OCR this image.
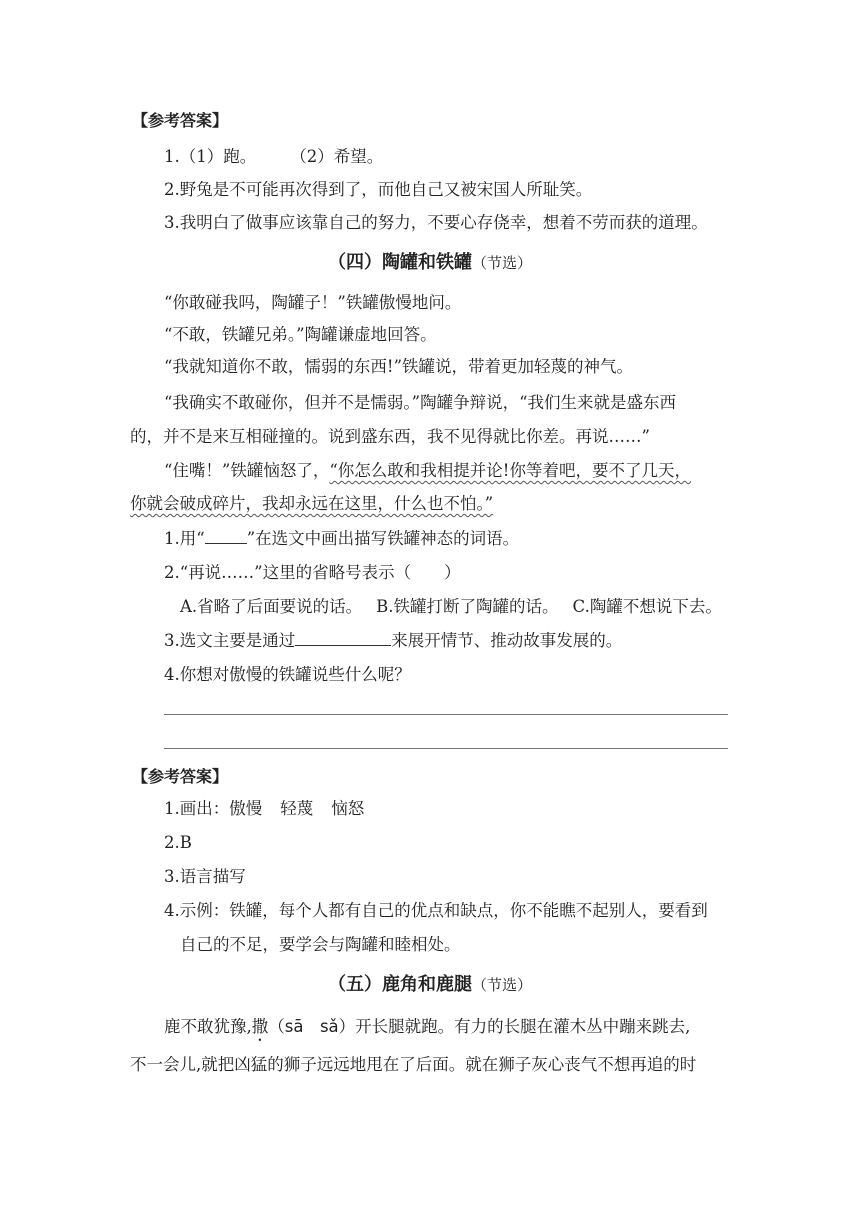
【参考答案】
1.（1）跑。 （2）希望。
2.野兔是不可能再次得到了，而他自己又被宋国人所耻笑。
3.我明白了做事应该靠自己的努力，不要心存侥幸，想着不劳而获的道理。
（四）陶罐和铁罐（节选）
“你敢碰我吗，陶罐子！”铁罐傲慢地问。
“不敢，铁罐兄弟。”陶罐谦虚地回答。
“我就知道你不敢，懦弱的东西!”铁罐说，带着更加轻蔑的神气。
“我确实不敢碰你，但并不是懦弱。”陶罐争辩说，“我们生来就是盛东西
的，并不是来互相碰撞的。说到盛东西，我不见得就比你差。再说……”
“住嘴！”铁罐恼怒了，“你怎么敢和我相提并论!你等着吧，要不了几天，
你就会破成碎片，我却永远在这里，什么也不怕。”
1.用“	”在选文中画出描写铁罐神态的词语。
2.“再说……”这里的省略号表示（　　）
A.省略了后面要说的话。 B.铁罐打断了陶罐的话。 C.陶罐不想说下去。
3.选文主要是通过	来展开情节、推动故事发展的。
4.你想对傲慢的铁罐说些什么呢？
【参考答案】
1.画出：傲慢 轻蔑 恼怒
2.B
3.语言描写
4.示例：铁罐，每个人都有自己的优点和缺点，你不能瞧不起别人，要看到
自己的不足，要学会与陶罐和睦相处。
（五）鹿角和鹿腿（节选）
鹿不敢犹豫,撒（sā　sǎ）开长腿就跑。有力的长腿在灌木丛中蹦来跳去,
不一会儿,就把凶猛的狮子远远地甩在了后面。就在狮子灰心丧气不想再追的时
